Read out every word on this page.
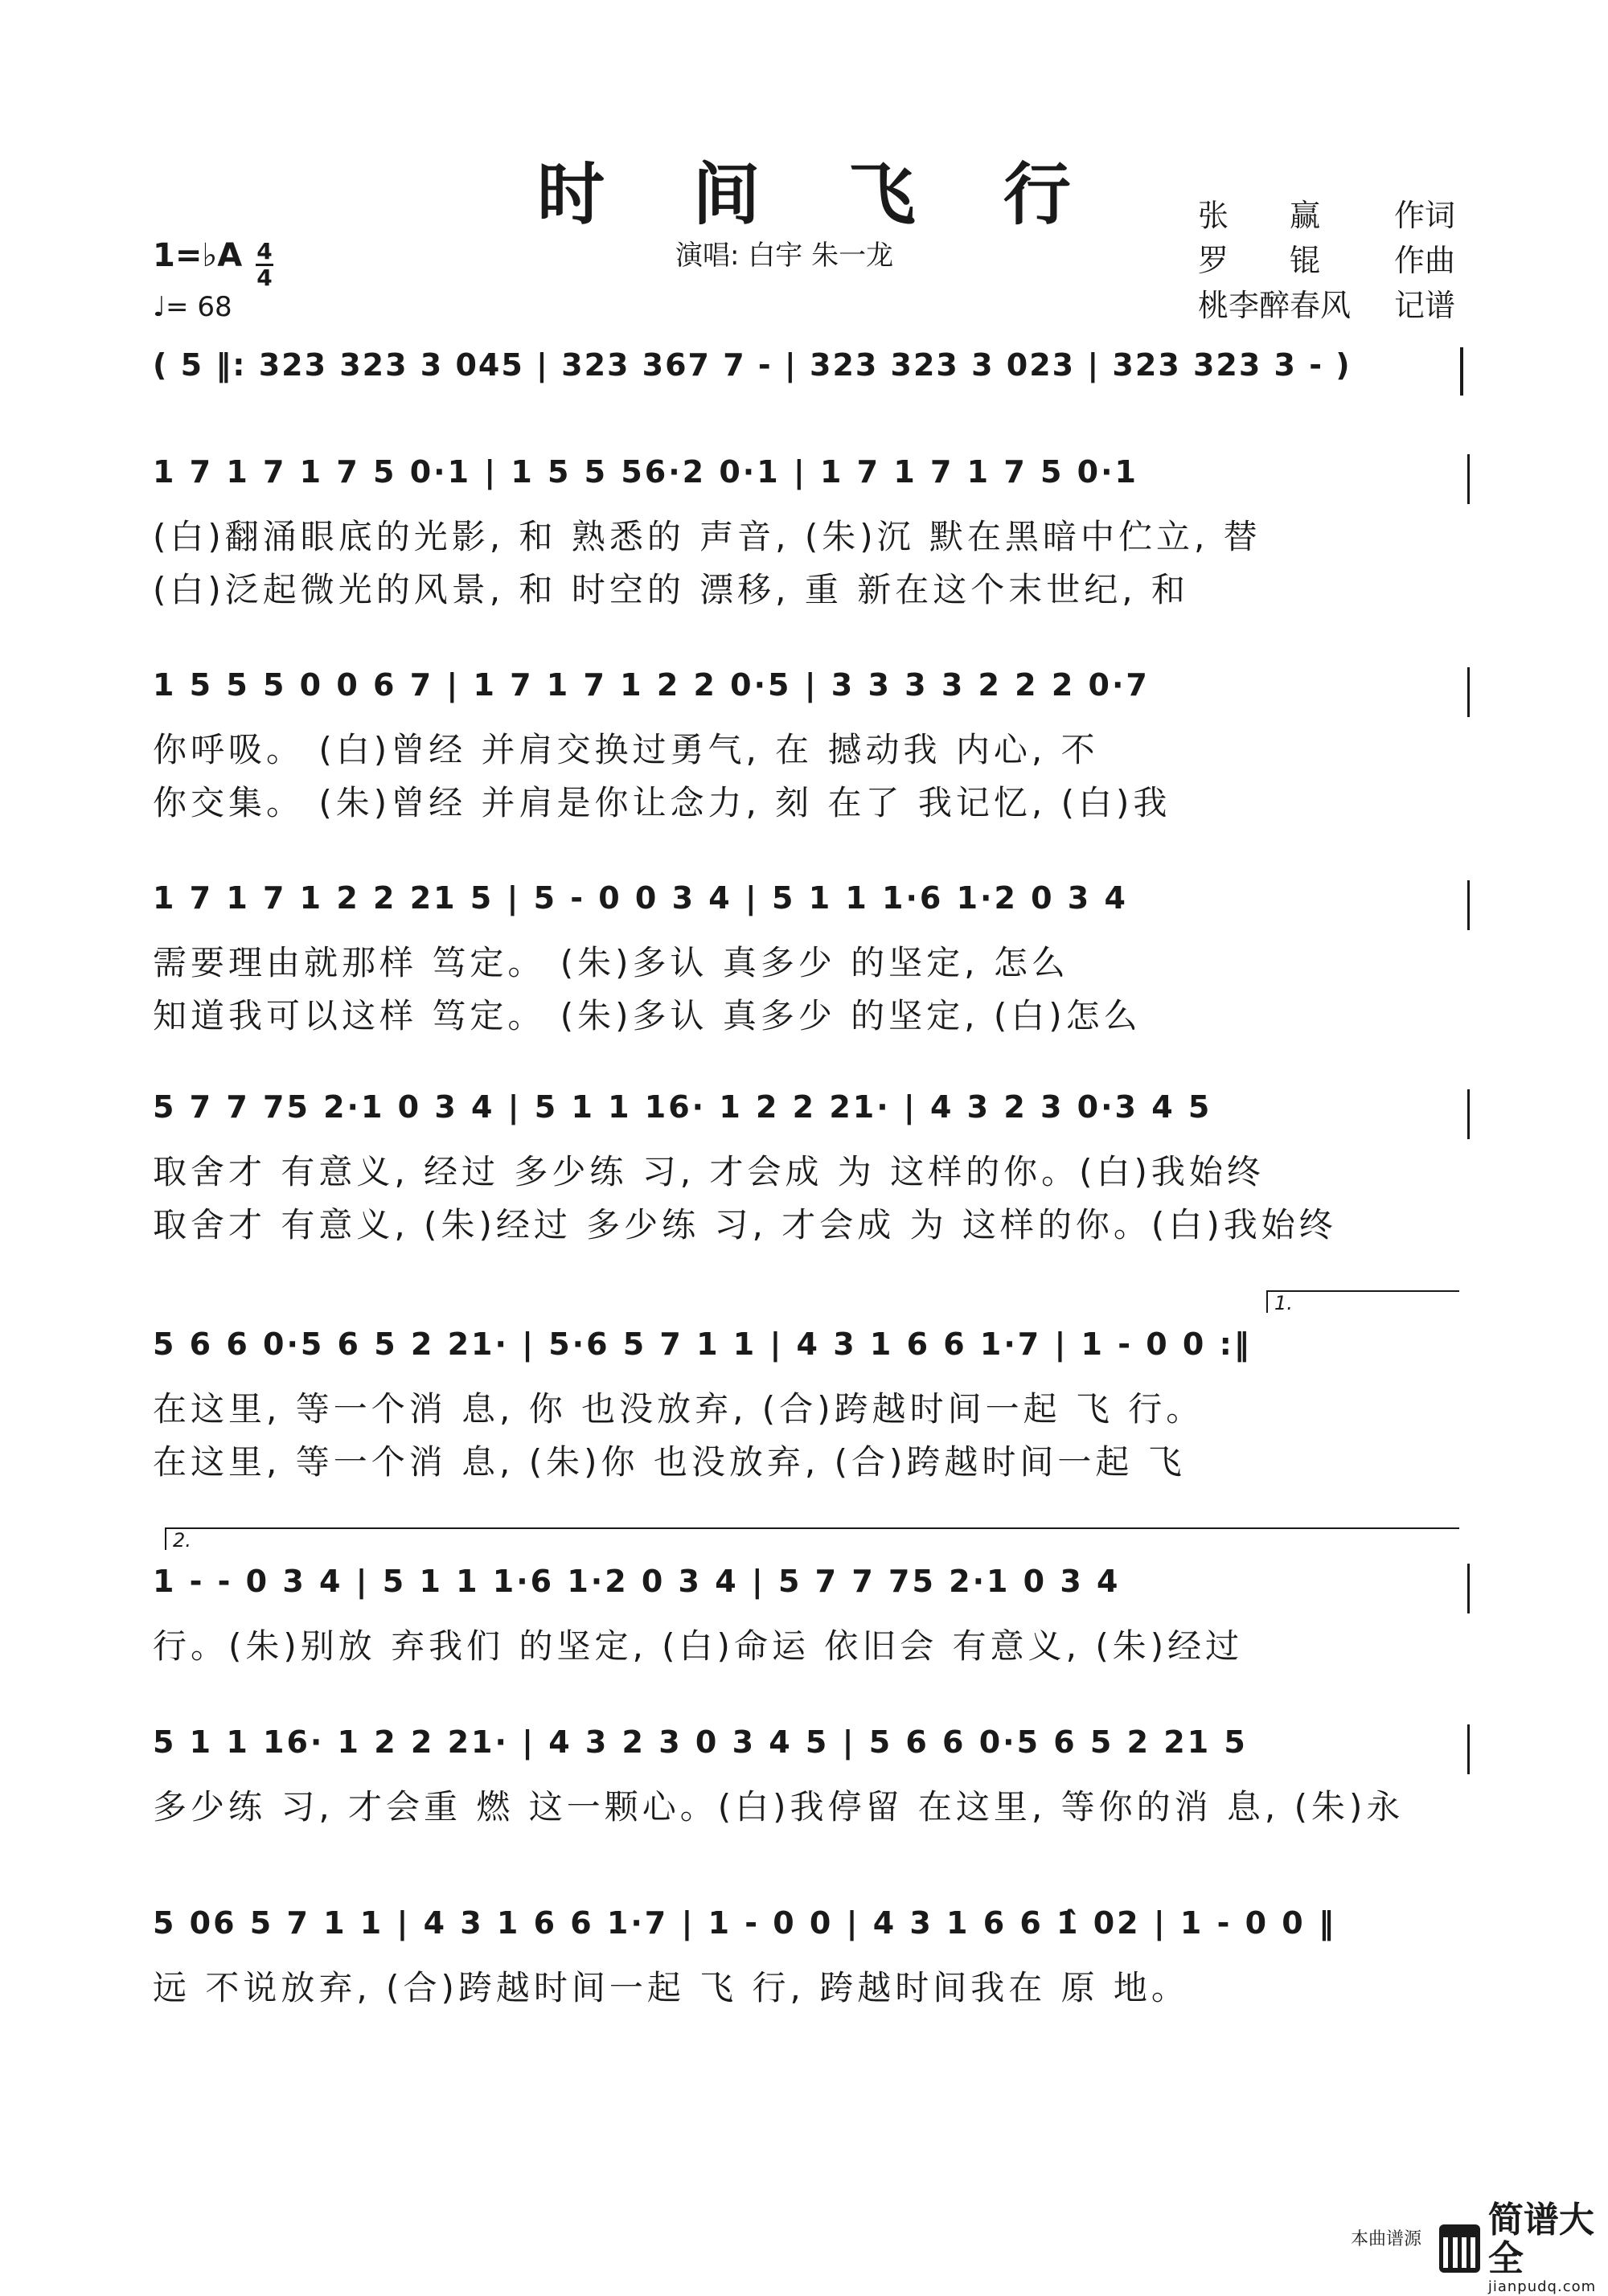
时 间 飞 行
演唱: 白宇 朱一龙
张　　赢	作词
罗　　锟	作曲
桃李醉春风 记谱
1=♭A 4
4
♩= 68
( 5 ‖: 323 323 3 045 | 323 367 7 - | 323 323 3 023 | 323 323 3 - )
1 7 1 7 1 7 5 0·1 | 1 5 5 56·2 0·1 | 1 7 1 7 1 7 5 0·1
(白)翻涌眼底的光影, 和 熟悉的 声音, (朱)沉 默在黑暗中伫立, 替
(白)泛起微光的风景, 和 时空的 漂移, 重 新在这个末世纪, 和
1 5 5 5 0 0 6 7 | 1 7 1 7 1 2 2 0·5 | 3 3 3 3 2 2 2 0·7
你呼吸。 (白)曾经 并肩交换过勇气, 在 撼动我 内心, 不
你交集。 (朱)曾经 并肩是你让念力, 刻 在了 我记忆, (白)我
1 7 1 7 1 2 2 21 5 | 5 - 0 0 3 4 | 5 1 1 1·6 1·2 0 3 4
需要理由就那样 笃定。 (朱)多认 真多少 的坚定, 怎么
知道我可以这样 笃定。 (朱)多认 真多少 的坚定, (白)怎么
5 7 7 75 2·1 0 3 4 | 5 1 1 16· 1 2 2 21· | 4 3 2 3 0·3 4 5
取舍才 有意义, 经过 多少练 习, 才会成 为 这样的你。(白)我始终
取舍才 有意义, (朱)经过 多少练 习, 才会成 为 这样的你。(白)我始终
1.
5 6 6 0·5 6 5 2 21· | 5·6 5 7 1 1 | 4 3 1 6 6 1·7 | 1 - 0 0 :‖
在这里, 等一个消 息, 你 也没放弃, (合)跨越时间一起 飞 行。
在这里, 等一个消 息, (朱)你 也没放弃, (合)跨越时间一起 飞
2.
1 - - 0 3 4 | 5 1 1 1·6 1·2 0 3 4 | 5 7 7 75 2·1 0 3 4
行。(朱)别放 弃我们 的坚定, (白)命运 依旧会 有意义, (朱)经过
5 1 1 16· 1 2 2 21· | 4 3 2 3 0 3 4 5 | 5 6 6 0·5 6 5 2 21 5
多少练 习, 才会重 燃 这一颗心。(白)我停留 在这里, 等你的消 息, (朱)永
5 06 5 7 1 1 | 4 3 1 6 6 1·7 | 1 - 0 0 | 4 3 1 6 6 1̂ 02 | 1 - 0 0 ‖
远 不说放弃, (合)跨越时间一起 飞 行, 跨越时间我在 原 地。
本曲谱源 简谱大全
jianpudq.com
